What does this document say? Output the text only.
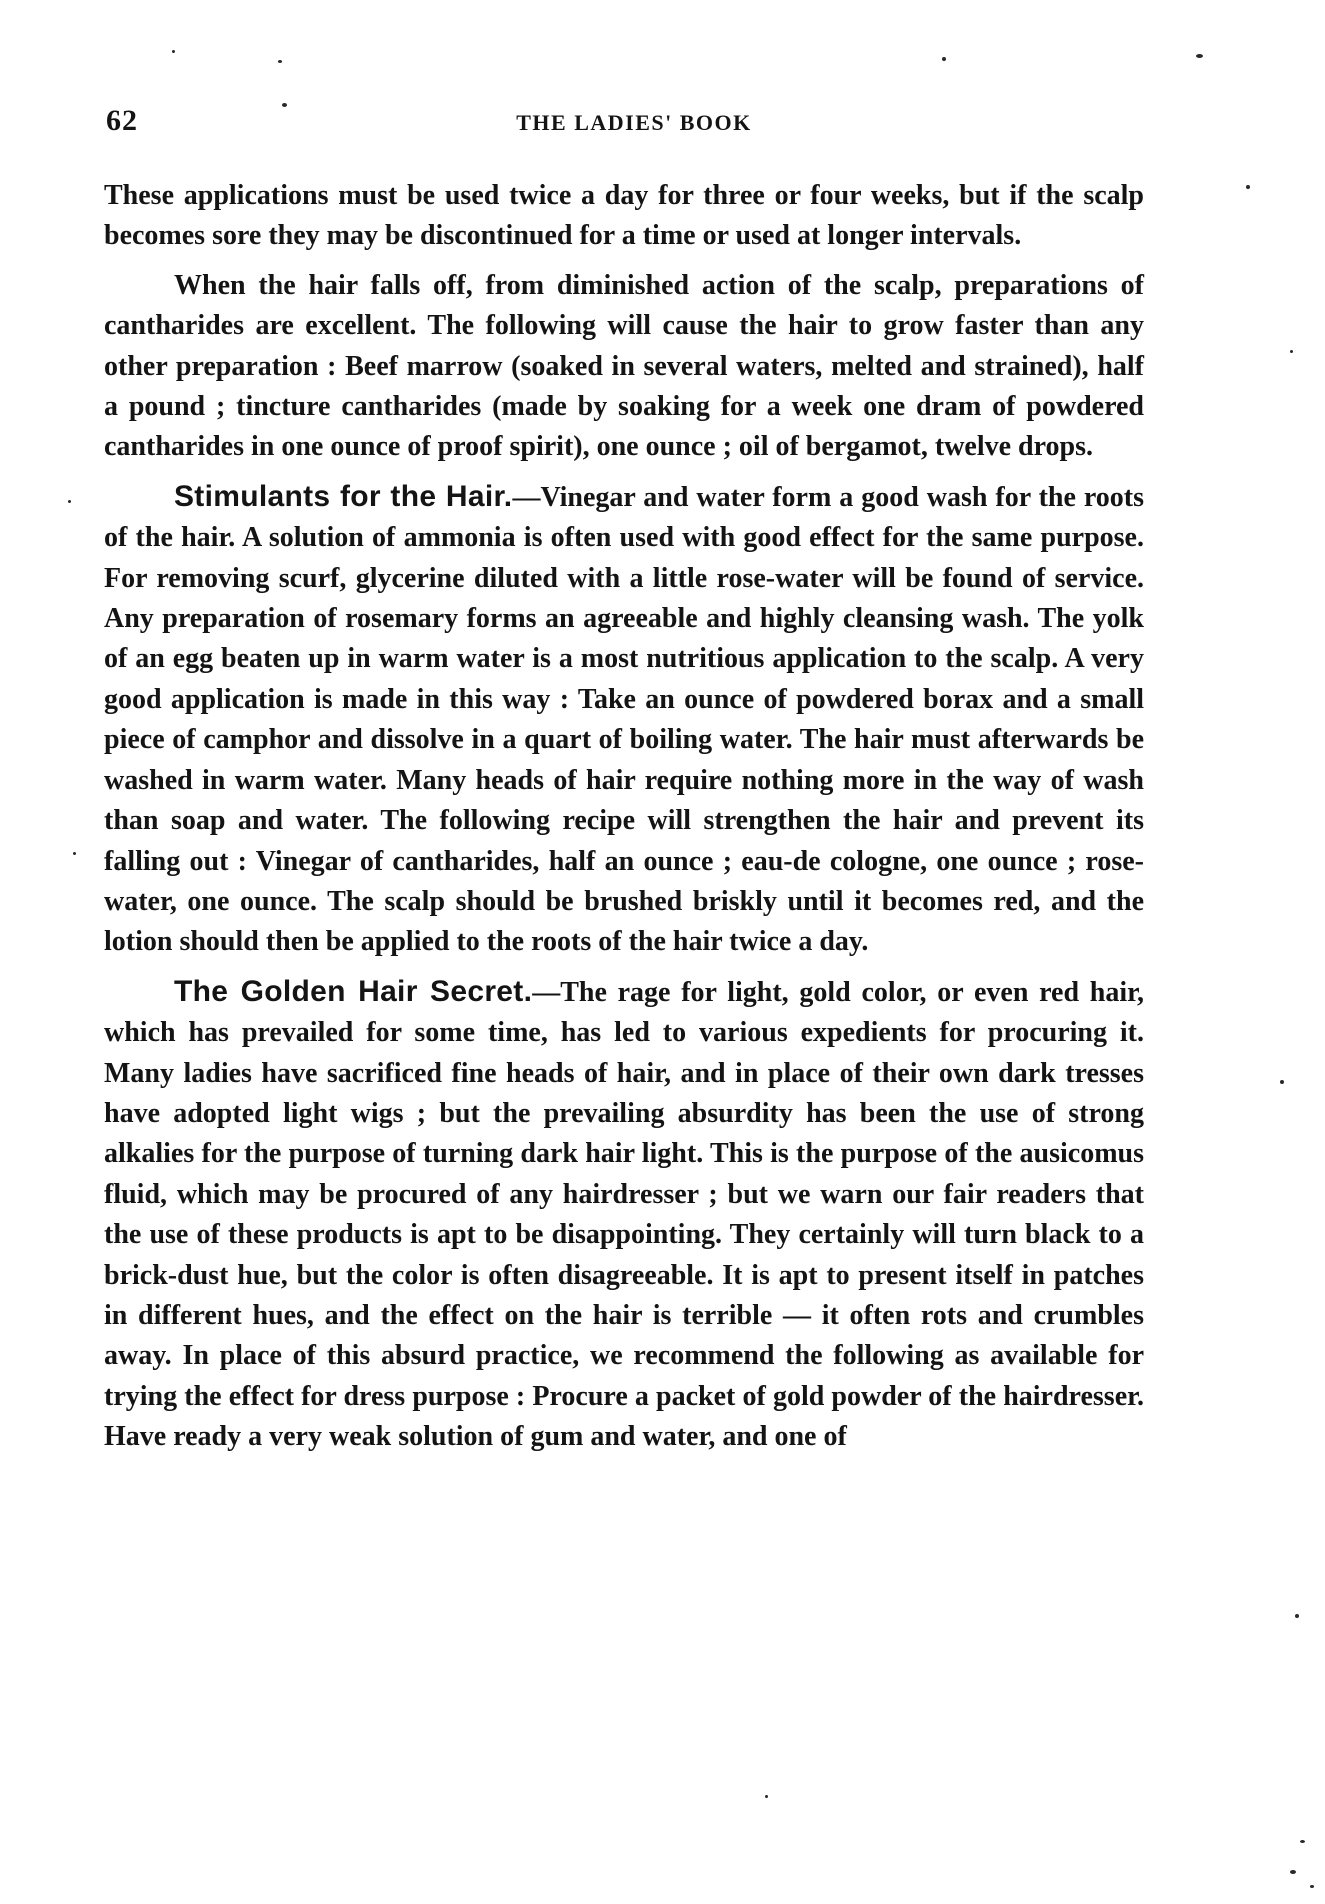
62	THE LADIES' BOOK

These applications must be used twice a day for three or four weeks, but if the scalp becomes sore they may be discontinued for a time or used at longer intervals.

When the hair falls off, from diminished action of the scalp, preparations of cantharides are excellent. The following will cause the hair to grow faster than any other preparation : Beef marrow (soaked in several waters, melted and strained), half a pound ; tincture cantharides (made by soaking for a week one dram of powdered cantharides in one ounce of proof spirit), one ounce ; oil of bergamot, twelve drops.

Stimulants for the Hair.—Vinegar and water form a good wash for the roots of the hair. A solution of ammonia is often used with good effect for the same purpose. For removing scurf, glycerine diluted with a little rose-water will be found of service. Any preparation of rosemary forms an agreeable and highly cleansing wash. The yolk of an egg beaten up in warm water is a most nutritious application to the scalp. A very good application is made in this way : Take an ounce of powdered borax and a small piece of camphor and dissolve in a quart of boiling water. The hair must afterwards be washed in warm water. Many heads of hair require nothing more in the way of wash than soap and water. The following recipe will strengthen the hair and prevent its falling out : Vinegar of cantharides, half an ounce ; eau-de cologne, one ounce ; rose-water, one ounce. The scalp should be brushed briskly until it becomes red, and the lotion should then be applied to the roots of the hair twice a day.

The Golden Hair Secret.—The rage for light, gold color, or even red hair, which has prevailed for some time, has led to various expedients for procuring it. Many ladies have sacrificed fine heads of hair, and in place of their own dark tresses have adopted light wigs ; but the prevailing absurdity has been the use of strong alkalies for the purpose of turning dark hair light. This is the purpose of the ausicomus fluid, which may be procured of any hairdresser ; but we warn our fair readers that the use of these products is apt to be disappointing. They certainly will turn black to a brick-dust hue, but the color is often disagreeable. It is apt to present itself in patches in different hues, and the effect on the hair is terrible — it often rots and crumbles away. In place of this absurd practice, we recommend the following as available for trying the effect for dress purpose : Procure a packet of gold powder of the hairdresser. Have ready a very weak solution of gum and water, and one of
